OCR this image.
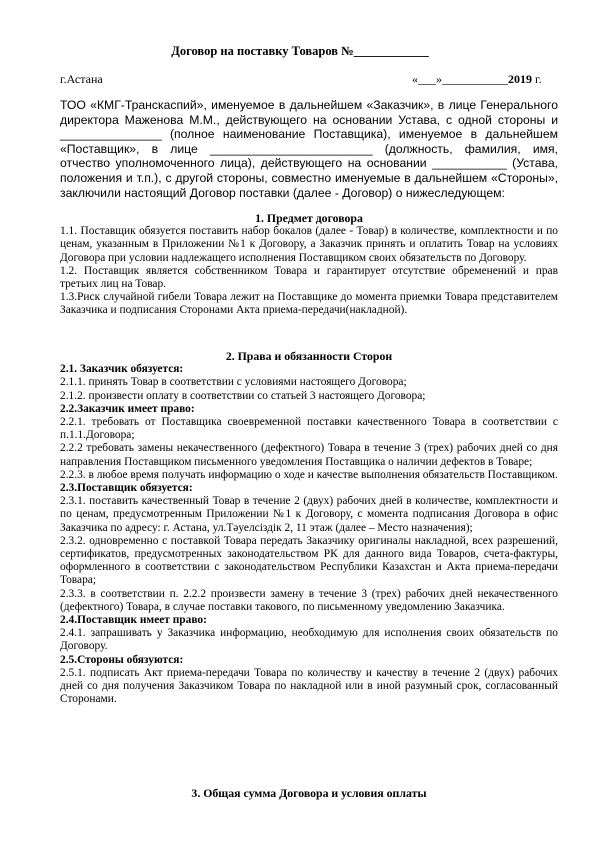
Договор на поставку Товаров №____________
г.Астана	«___»___________2019 г.
ТОО «КМГ-Транскаспий», именуемое в дальнейшем «Заказчик», в лице Генерального директора Маженова М.М., действующего на основании Устава, с одной стороны и _______________ (полное наименование Поставщика), именуемое в дальнейшем «Поставщик», в лице ________________________ (должность, фамилия, имя, отчество уполномоченного лица), действующего на основании ___________ (Устава, положения и т.п.), с другой стороны, совместно именуемые в дальнейшем «Стороны», заключили настоящий Договор поставки (далее - Договор) о нижеследующем:

1. Предмет договора

1.1. Поставщик обязуется поставить набор бокалов (далее - Товар) в количестве, комплектности и по ценам, указанным в Приложении №1 к Договору, а Заказчик принять и оплатить Товар на условиях Договора при условии надлежащего исполнения Поставщиком своих обязательств по Договору.

1.2. Поставщик является собственником Товара и гарантирует отсутствие обременений и прав третьих лиц на Товар.

1.3.Риск случайной гибели Товара лежит на Поставщике до момента приемки Товара представителем Заказчика и подписания Сторонами Акта приема-передачи(накладной).

2. Права и обязанности Сторон

2.1. Заказчик обязуется:

2.1.1. принять Товар в соответствии с условиями настоящего Договора;

2.1.2. произвести оплату в соответствии со статьей 3 настоящего Договора;

2.2.Заказчик имеет право:

2.2.1. требовать от Поставщика своевременной поставки качественного Товара в соответствии с п.1.1.Договора;

2.2.2 требовать замены некачественного (дефектного) Товара в течение 3 (трех) рабочих дней со дня направления Поставщиком письменного уведомления Поставщика о наличии дефектов в Товаре;

2.2.3. в любое время получать информацию о ходе и качестве выполнения обязательств Поставщиком.

2.3.Поставщик обязуется:

2.3.1. поставить качественный Товар в течение 2 (двух) рабочих дней в количестве, комплектности и по ценам, предусмотренным Приложении №1 к Договору, с момента подписания Договора в офис Заказчика по адресу: г. Астана, ул.Тәуелсіздік 2, 11 этаж (далее – Место назначения);

2.3.2. одновременно с поставкой Товара передать Заказчику оригиналы накладной, всех разрешений, сертификатов, предусмотренных законодательством РК для данного вида Товаров, счета-фактуры, оформленного в соответствии с законодательством Республики Казахстан и Акта приема-передачи Товара;

2.3.3. в соответствии п. 2.2.2 произвести замену в течение 3 (трех) рабочих дней некачественного (дефектного) Товара, в случае поставки такового, по письменному уведомлению Заказчика.

2.4.Поставщик имеет право:

2.4.1. запрашивать у Заказчика информацию, необходимую для исполнения своих обязательств по Договору.

2.5.Стороны обязуются:

2.5.1. подписать Акт приема-передачи Товара по количеству и качеству в течение 2 (двух) рабочих дней со дня получения Заказчиком Товара по накладной или в иной разумный срок, согласованный Сторонами.

3. Общая сумма Договора и условия оплаты
